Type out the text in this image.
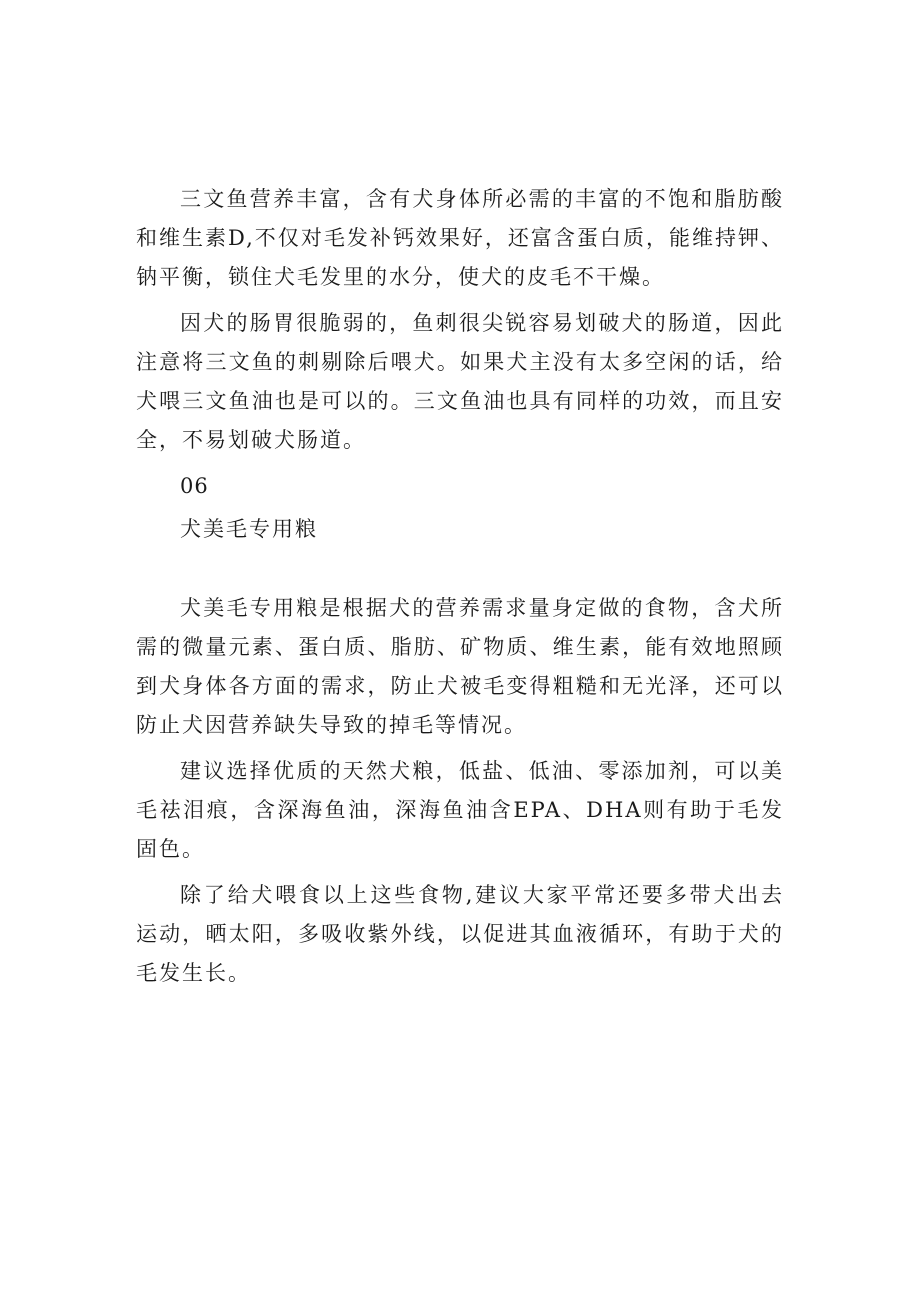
三文鱼营养丰富，含有犬身体所必需的丰富的不饱和脂肪酸和维生素D,不仅对毛发补钙效果好，还富含蛋白质，能维持钾、钠平衡，锁住犬毛发里的水分，使犬的皮毛不干燥。

因犬的肠胃很脆弱的，鱼刺很尖锐容易划破犬的肠道，因此注意将三文鱼的刺剔除后喂犬。如果犬主没有太多空闲的话，给犬喂三文鱼油也是可以的。三文鱼油也具有同样的功效，而且安全，不易划破犬肠道。

06

犬美毛专用粮

犬美毛专用粮是根据犬的营养需求量身定做的食物，含犬所需的微量元素、蛋白质、脂肪、矿物质、维生素，能有效地照顾到犬身体各方面的需求，防止犬被毛变得粗糙和无光泽，还可以防止犬因营养缺失导致的掉毛等情况。

建议选择优质的天然犬粮，低盐、低油、零添加剂，可以美毛祛泪痕，含深海鱼油，深海鱼油含EPA、DHA则有助于毛发固色。

除了给犬喂食以上这些食物,建议大家平常还要多带犬出去运动，晒太阳，多吸收紫外线，以促进其血液循环，有助于犬的毛发生长。
